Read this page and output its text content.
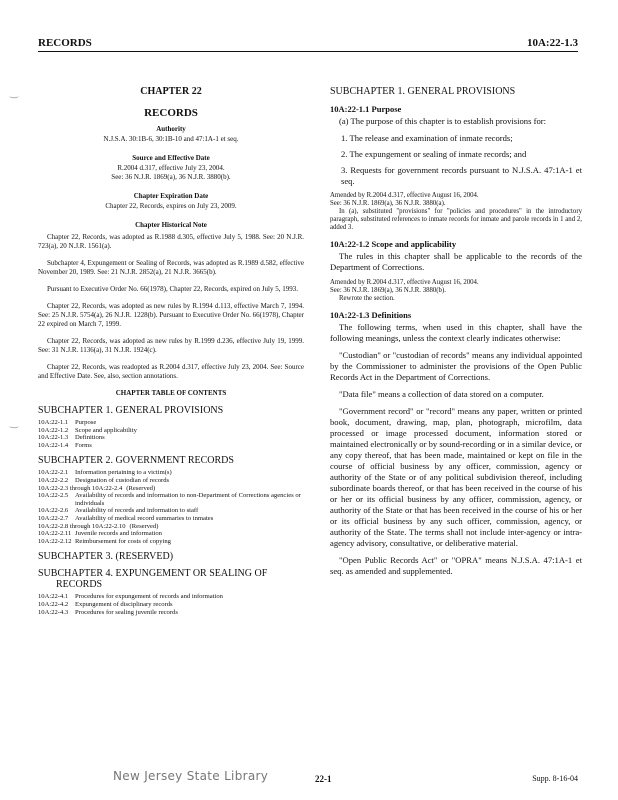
RECORDS	10A:22-1.3
‿
‿
CHAPTER 22
RECORDS
Authority
N.J.S.A. 30:1B-6, 30:1B-10 and 47:1A-1 et seq.
Source and Effective Date
R.2004 d.317, effective July 23, 2004.
See: 36 N.J.R. 1869(a), 36 N.J.R. 3880(b).
Chapter Expiration Date
Chapter 22, Records, expires on July 23, 2009.
Chapter Historical Note

Chapter 22, Records, was adopted as R.1988 d.305, effective July 5, 1988. See: 20 N.J.R. 723(a), 20 N.J.R. 1561(a).

Subchapter 4, Expungement or Sealing of Records, was adopted as R.1989 d.582, effective November 20, 1989. See: 21 N.J.R. 2852(a), 21 N.J.R. 3665(b).

Pursuant to Executive Order No. 66(1978), Chapter 22, Records, expired on July 5, 1993.

Chapter 22, Records, was adopted as new rules by R.1994 d.113, effective March 7, 1994. See: 25 N.J.R. 5754(a), 26 N.J.R. 1228(b). Pursuant to Executive Order No. 66(1978), Chapter 22 expired on March 7, 1999.

Chapter 22, Records, was adopted as new rules by R.1999 d.236, effective July 19, 1999. See: 31 N.J.R. 1136(a), 31 N.J.R. 1924(c).

Chapter 22, Records, was readopted as R.2004 d.317, effective July 23, 2004. See: Source and Effective Date. See, also, section annotations.

CHAPTER TABLE OF CONTENTS
SUBCHAPTER 1. GENERAL PROVISIONS
10A:22-1.1	Purpose
10A:22-1.2	Scope and applicability
10A:22-1.3	Definitions
10A:22-1.4	Forms
SUBCHAPTER 2. GOVERNMENT RECORDS
10A:22-2.1	Information pertaining to a victim(s)
10A:22-2.2	Designation of custodian of records
10A:22-2.3 through 10A:22-2.4 (Reserved)
10A:22-2.5	Availability of records and information to non-Department of Corrections agencies or individuals
10A:22-2.6	Availability of records and information to staff
10A:22-2.7	Availability of medical record summaries to inmates
10A:22-2.8 through 10A:22-2.10 (Reserved)
10A:22-2.11 Juvenile records and information
10A:22-2.12 Reimbursement for costs of copying
SUBCHAPTER 3. (RESERVED)
SUBCHAPTER 4. EXPUNGEMENT OR SEALING OF
RECORDS
10A:22-4.1	Procedures for expungement of records and information
10A:22-4.2	Expungement of disciplinary records
10A:22-4.3	Procedures for sealing juvenile records
SUBCHAPTER 1. GENERAL PROVISIONS
10A:22-1.1 Purpose

(a) The purpose of this chapter is to establish provisions for:

1. The release and examination of inmate records;

2. The expungement or sealing of inmate records; and

3. Requests for government records pursuant to N.J.S.A. 47:1A-1 et seq.

Amended by R.2004 d.317, effective August 16, 2004.
See: 36 N.J.R. 1869(a), 36 N.J.R. 3880(a).
In (a), substituted "provisions" for "policies and procedures" in the introductory paragraph, substituted references to inmate records for inmate and parole records in 1 and 2, added 3.
10A:22-1.2 Scope and applicability

The rules in this chapter shall be applicable to the records of the Department of Corrections.

Amended by R.2004 d.317, effective August 16, 2004.
See: 36 N.J.R. 1869(a), 36 N.J.R. 3880(b).
Rewrote the section.
10A:22-1.3 Definitions

The following terms, when used in this chapter, shall have the following meanings, unless the context clearly indicates otherwise:

"Custodian" or "custodian of records" means any individual appointed by the Commissioner to administer the provisions of the Open Public Records Act in the Department of Corrections.

"Data file" means a collection of data stored on a computer.

"Government record" or "record" means any paper, written or printed book, document, drawing, map, plan, photograph, microfilm, data processed or image processed document, information stored or maintained electronically or by sound-recording or in a similar device, or any copy thereof, that has been made, maintained or kept on file in the course of official business by any officer, commission, agency or authority of the State or of any political subdivision thereof, including subordinate boards thereof, or that has been received in the course of his or her or its official business by any officer, commission, agency, or authority of the State or that has been received in the course of his or her or its official business by any such officer, commission, agency, or authority of the State. The terms shall not include inter-agency or intra-agency advisory, consultative, or deliberative material.

"Open Public Records Act" or "OPRA" means N.J.S.A. 47:1A-1 et seq. as amended and supplemented.

New Jersey State Library	22-1	Supp. 8-16-04
